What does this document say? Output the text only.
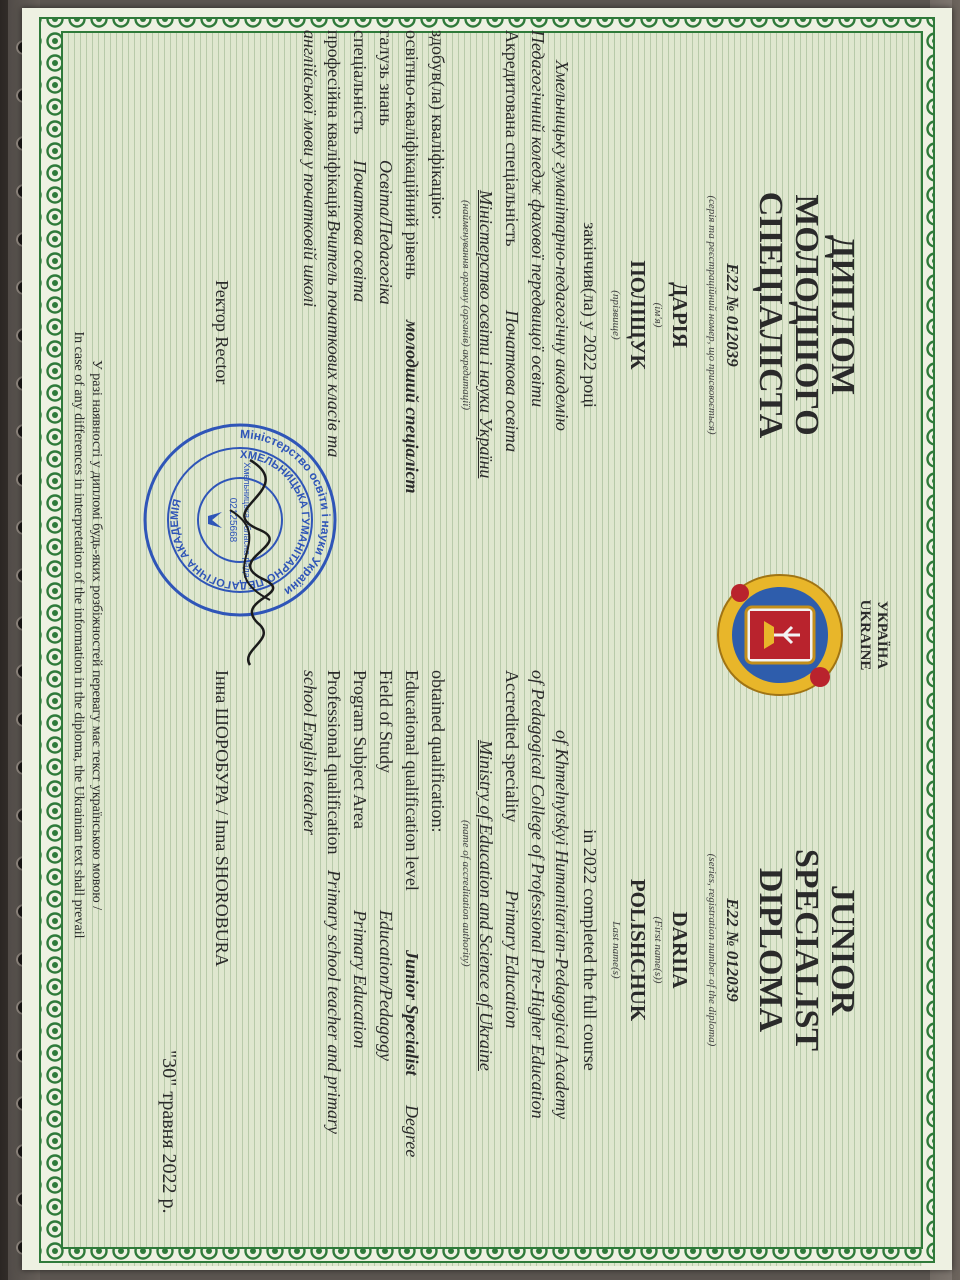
ДИПЛОМ
МОЛОДШОГО
СПЕЦІАЛІСТА
Е22 № 012039
(серія та реєстраційний номер, що присвоюється)
ДАРІЯ
(ім'я)
ПОЛІЩУК
(прізвище)
закінчив(ла) у 2022 році
Хмельницьку гуманітарно-педагогічну академію
Педагогічний коледж фахової передвищої освіти
Акредитована спеціальність
Початкова освіта
Міністерство освіти і науки України
(найменування органу (органів) акредитації)
здобув(ла) кваліфікацію:
освітньо-кваліфікаційний рівень
молодший спеціаліст
галузь знань
Освіта/Педагогіка
спеціальність
Початкова освіта
професійна кваліфікація
Вчитель початкових класів та
англійської мови у початковій школі
Ректор Rector
JUNIOR
SPECIALIST
DIPLOMA
Е22 № 012039
(series, registration number of the diploma)
DARIIA
(First name(s))
POLISHCHUK
Last name(s)
in 2022 completed the full course
of Khmelnytskyi Humanitarian-Pedagogical Academy
of Pedagogical College of Professional Pre-Higher Education
Accredited speciality
Primary Education
Ministry of Education and Science of Ukraine
(name of accreditation authority)
obtained qualification:
Educational qualification level
Junior Specialist
Degree
Field of Study
Education/Pedagogy
Program Subject Area
Primary Education
Professional qualification
Primary school teacher and primary
school English teacher
Інна ШОРОБУРА / Inna SHOROBURA
"30" травня 2022 р.
УКРАЇНА
UKRAINE
У разі наявності у дипломі будь-яких розбіжностей перевагу має текст українською мовою /
In case of any differences in interpretation of the information in the diploma, the Ukrainian text shall prevail	Міністерство освіти і науки України
ХМЕЛЬНИЦЬКА ГУМАНІТАРНО-ПЕДАГОГІЧНА АКАДЕМІЯ	Хмельницька обласна рада
02125668
